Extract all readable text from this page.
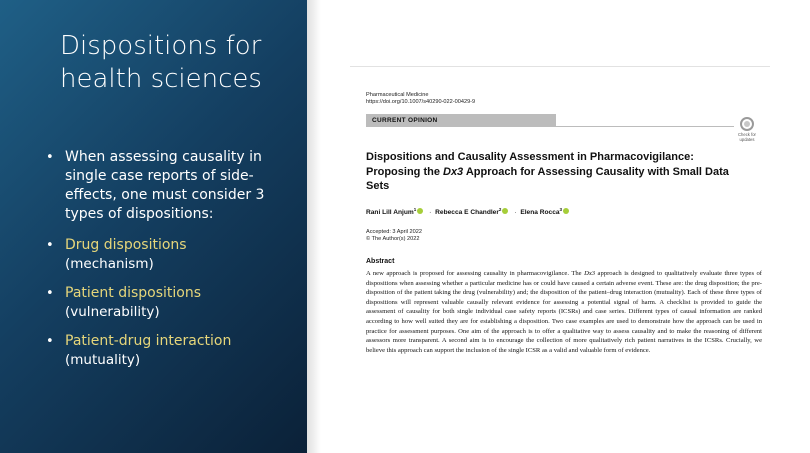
Dispositions for health sciences
• When assessing causality in single case reports of side-effects, one must consider 3 types of dispositions:
• Drug dispositions
(mechanism)
• Patient dispositions
(vulnerability)
• Patient-drug interaction
(mutuality)
Pharmaceutical Medicine
https://doi.org/10.1007/s40290-022-00429-9
CURRENT OPINION
Check for updates
Dispositions and Causality Assessment in Pharmacovigilance:
Proposing the Dx3 Approach for Assessing Causality with Small Data
Sets
Rani Lill Anjum$^1$ · Rebecca E Chandler$^2$ · Elena Rocca$^3$
Accepted: 3 April 2022
© The Author(s) 2022
Abstract

A new approach is proposed for assessing causality in pharmacovigilance. The Dx3 approach is designed to qualitatively evaluate three types of dispositions when assessing whether a particular medicine has or could have caused a certain adverse event. These are: the drug disposition; the pre-disposition of the patient taking the drug (vulnerability) and; the disposition of the patient–drug interaction (mutuality). Each of these three types of dispositions will represent valuable causally relevant evidence for assessing a potential signal of harm. A checklist is provided to guide the assessment of causality for both single individual case safety reports (ICSRs) and case series. Different types of causal information are ranked according to how well suited they are for establishing a disposition. Two case examples are used to demonstrate how the approach can be used in practice for assessment purposes. One aim of the approach is to offer a qualitative way to assess causality and to make the reasoning of different assessors more transparent. A second aim is to encourage the collection of more qualitatively rich patient narratives in the ICSRs. Crucially, we believe this approach can support the inclusion of the single ICSR as a valid and valuable form of evidence.
